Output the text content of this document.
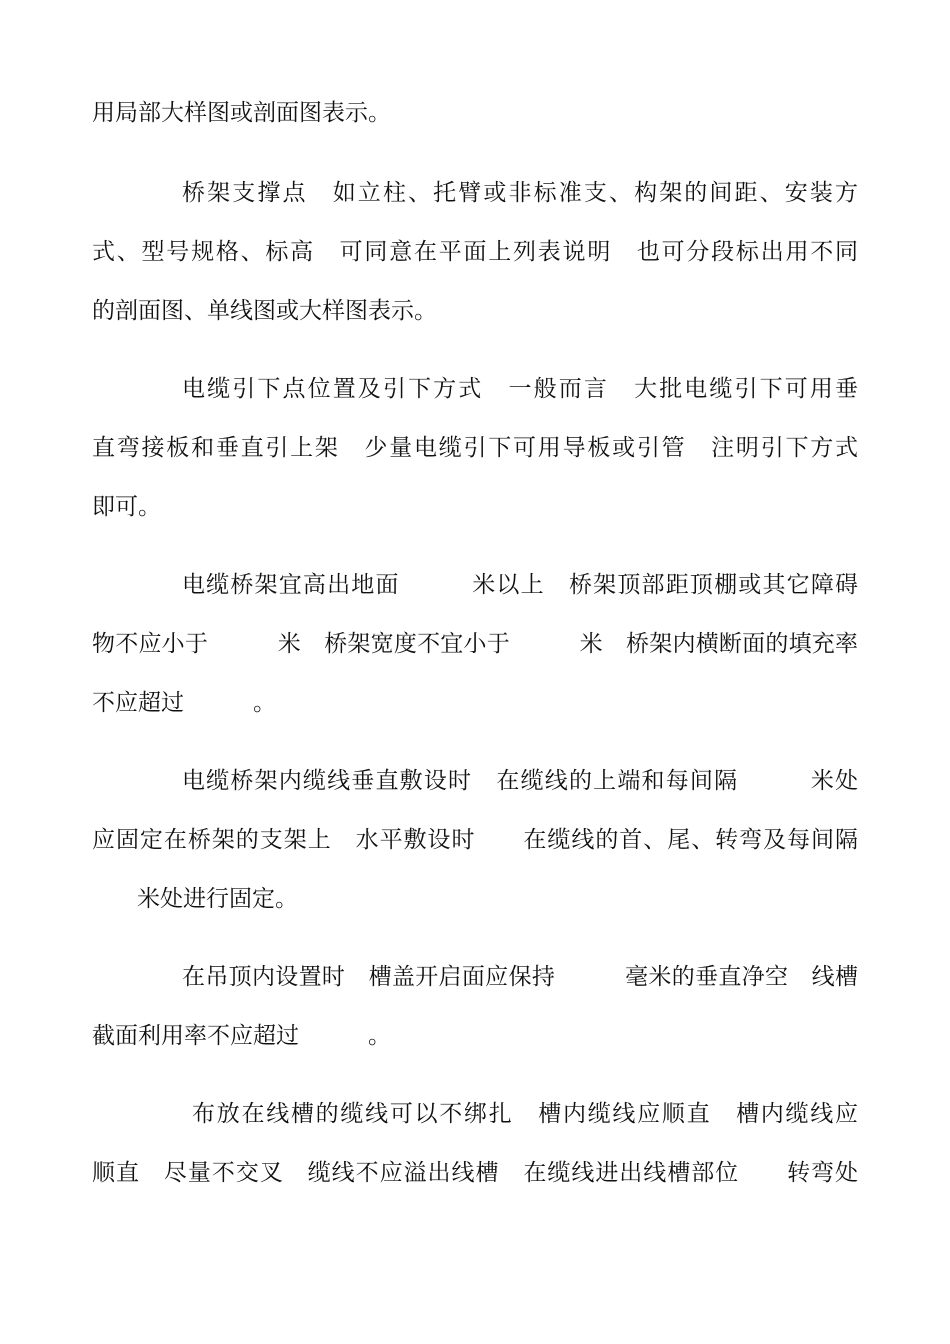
用局部大样图或剖面图表示。
桥架支撑点　如立柱、托臂或非标准支、构架的间距、安装方
式、型号规格、标高　可同意在平面上列表说明　也可分段标出用不同
的剖面图、单线图或大样图表示。
电缆引下点位置及引下方式　一般而言　大批电缆引下可用垂
直弯接板和垂直引上架　少量电缆引下可用导板或引管　注明引下方式
即可。
电缆桥架宜高出地面　　　米以上　桥架顶部距顶棚或其它障碍
物不应小于　　　米　桥架宽度不宜小于　　　米　桥架内横断面的填充率
不应超过　　　。
电缆桥架内缆线垂直敷设时　在缆线的上端和每间隔　　　米处
应固定在桥架的支架上　水平敷设时　　在缆线的首、尾、转弯及每间隔
米处进行固定。
在吊顶内设置时　槽盖开启面应保持　　　毫米的垂直净空　线槽
截面利用率不应超过　　　。
布放在线槽的缆线可以不绑扎　槽内缆线应顺直　槽内缆线应
顺直　尽量不交叉　缆线不应溢出线槽　在缆线进出线槽部位　　转弯处
